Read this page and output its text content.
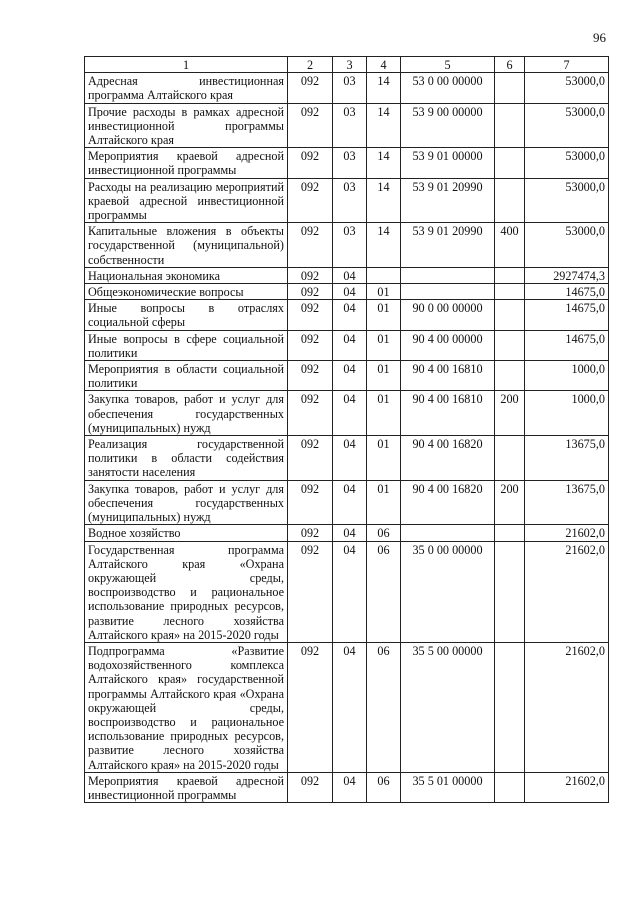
96
1	2	3	4	5	6	7
Адресная инвестиционная программа Алтайского края	092	03	14	53 0 00 00000		53000,0
Прочие расходы в рамках адресной инвестиционной программы Алтайского края	092	03	14	53 9 00 00000		53000,0
Мероприятия краевой адресной инвестиционной программы	092	03	14	53 9 01 00000		53000,0
Расходы на реализацию мероприятий краевой адресной инвестиционной программы	092	03	14	53 9 01 20990		53000,0
Капитальные вложения в объекты государственной (муниципальной) собственности	092	03	14	53 9 01 20990	400	53000,0
Национальная экономика	092	04				2927474,3
Общеэкономические вопросы	092	04	01			14675,0
Иные вопросы в отраслях социальной сферы	092	04	01	90 0 00 00000		14675,0
Иные вопросы в сфере социальной политики	092	04	01	90 4 00 00000		14675,0
Мероприятия в области социальной политики	092	04	01	90 4 00 16810		1000,0
Закупка товаров, работ и услуг для обеспечения государственных (муниципальных) нужд	092	04	01	90 4 00 16810	200	1000,0
Реализация государственной политики в области содействия занятости населения	092	04	01	90 4 00 16820		13675,0
Закупка товаров, работ и услуг для обеспечения государственных (муниципальных) нужд	092	04	01	90 4 00 16820	200	13675,0
Водное хозяйство	092	04	06			21602,0
Государственная программа Алтайского края «Охрана окружающей среды, воспроизводство и рациональное использование природных ресурсов, развитие лесного хозяйства Алтайского края» на 2015-2020 годы	092	04	06	35 0 00 00000		21602,0
Подпрограмма «Развитие водохозяйственного комплекса Алтайского края» государственной программы Алтайского края «Охрана окружающей среды, воспроизводство и рациональное использование природных ресурсов, развитие лесного хозяйства Алтайского края» на 2015-2020 годы	092	04	06	35 5 00 00000		21602,0
Мероприятия краевой адресной инвестиционной программы	092	04	06	35 5 01 00000		21602,0
